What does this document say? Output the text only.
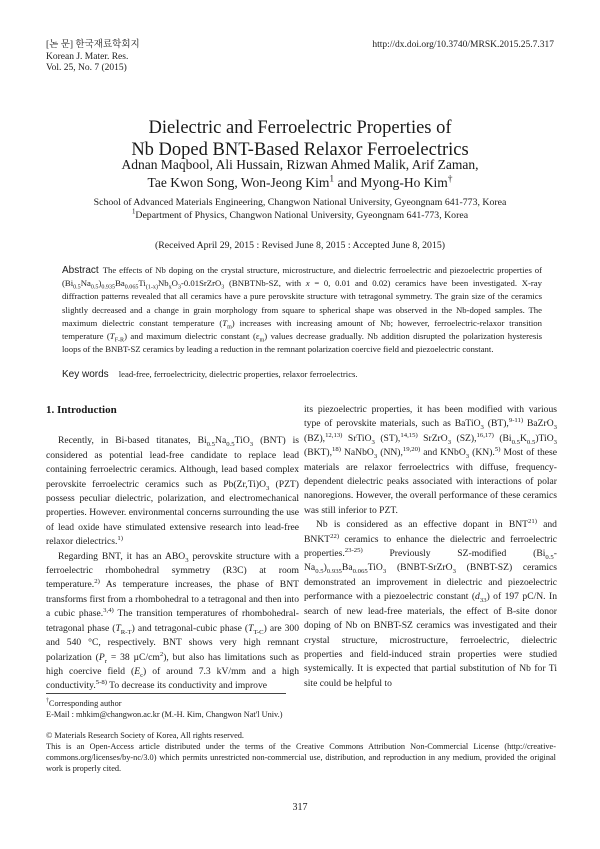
[논 문] 한국재료학회지
Korean J. Mater. Res.
Vol. 25, No. 7 (2015)
http://dx.doi.org/10.3740/MRSK.2015.25.7.317
Dielectric and Ferroelectric Properties of
Nb Doped BNT-Based Relaxor Ferroelectrics
Adnan Maqbool, Ali Hussain, Rizwan Ahmed Malik, Arif Zaman,
Tae Kwon Song, Won-Jeong Kim$^1$ and Myong-Ho Kim†
School of Advanced Materials Engineering, Changwon National University, Gyeongnam 641-773, Korea
$^1$Department of Physics, Changwon National University, Gyeongnam 641-773, Korea
(Received April 29, 2015 : Revised June 8, 2015 : Accepted June 8, 2015)
Abstract The effects of Nb doping on the crystal structure, microstructure, and dielectric ferroelectric and piezoelectric properties of $(Bi_{0.5}Na_{0.5})_{0.935}Ba_{0.065}Ti_{(1-x)}Nb_xO_3-0.01SrZrO_3$ (BNBTNb-SZ, with x = 0, 0.01 and 0.02) ceramics have been investigated. X-ray diffraction patterns revealed that all ceramics have a pure perovskite structure with tetragonal symmetry. The grain size of the ceramics slightly decreased and a change in grain morphology from square to spherical shape was observed in the Nb-doped samples. The maximum dielectric constant temperature $(T_m)$ increases with increasing amount of Nb; however, ferroelectric-relaxor transition temperature $(T_{F-R})$ and maximum dielectric constant $(\varepsilon_m)$ values decrease gradually. Nb addition disrupted the polarization hysteresis loops of the BNBT-SZ ceramics by leading a reduction in the remnant polarization coercive field and piezoelectric constant.
Key words lead-free, ferroelectricity, dielectric properties, relaxor ferroelectrics.

1. Introduction

Recently, in Bi-based titanates, $Bi_{0.5}Na_{0.5}TiO_3$ (BNT) is considered as potential lead-free candidate to replace lead containing ferroelectric ceramics. Although, lead based complex perovskite ferroelectric ceramics such as $Pb(Zr,Ti)O_3$ (PZT) possess peculiar dielectric, polarization, and electromechanical properties. However. environmental concerns surrounding the use of lead oxide have stimulated extensive research into lead-free relaxor dielectrics.$^{1)}$

Regarding BNT, it has an $ABO_3$ perovskite structure with a ferroelectric rhombohedral symmetry (R3C) at room temperature.$^{2)}$ As temperature increases, the phase of BNT transforms first from a rhombohedral to a tetragonal and then into a cubic phase.$^{3,4)}$ The transition temperatures of rhombohedral-tetragonal phase $(T_{R-T})$ and tetragonal-cubic phase $(T_{T-C})$ are 300 and 540 °C, respectively. BNT shows very high remnant polarization ($P_r = 38$ $\mu C/cm^2$), but also has limitations such as high coercive field $(E_c)$ of around 7.3 kV/mm and a high conductivity.$^{5-8)}$ To decrease its conductivity and improve

its piezoelectric properties, it has been modified with various type of perovskite materials, such as BaTiO$_3$ (BT),$^{9-11)}$ BaZrO$_3$ (BZ),$^{12,13)}$ SrTiO$_3$ (ST),$^{14,15)}$ SrZrO$_3$ (SZ),$^{16,17)}$ $(Bi_{0.5}K_{0.5})TiO_3$ (BKT),$^{18)}$ NaNbO$_3$ (NN),$^{19,20)}$ and KNbO$_3$ (KN).$^{5)}$ Most of these materials are relaxor ferroelectrics with diffuse, frequency-dependent dielectric peaks associated with interactions of polar nanoregions. However, the overall performance of these ceramics was still inferior to PZT.

Nb is considered as an effective dopant in BNT$^{21)}$ and BNKT$^{22)}$ ceramics to enhance the dielectric and ferroelectric properties.$^{23-25)}$ Previously SZ-modified $(Bi_{0.5}-Na_{0.5})_{0.935}Ba_{0.065}TiO_3$ (BNBT-SrZrO$_3$ (BNBT-SZ) ceramics demonstrated an improvement in dielectric and piezoelectric performance with a piezoelectric constant $(d_{33})$ of 197 pC/N. In search of new lead-free materials, the effect of B-site donor doping of Nb on BNBT-SZ ceramics was investigated and their crystal structure, microstructure, ferroelectric, dielectric properties and field-induced strain properties were studied systemically. It is expected that partial substitution of Nb for Ti site could be helpful to

†Corresponding author

E-Mail : mhkim@changwon.ac.kr (M.-H. Kim, Changwon Nat'l Univ.)

© Materials Research Society of Korea, All rights reserved.

This is an Open-Access article distributed under the terms of the Creative Commons Attribution Non-Commercial License (http://creative-commons.org/licenses/by-nc/3.0) which permits unrestricted non-commercial use, distribution, and reproduction in any medium, provided the original work is properly cited.

317
